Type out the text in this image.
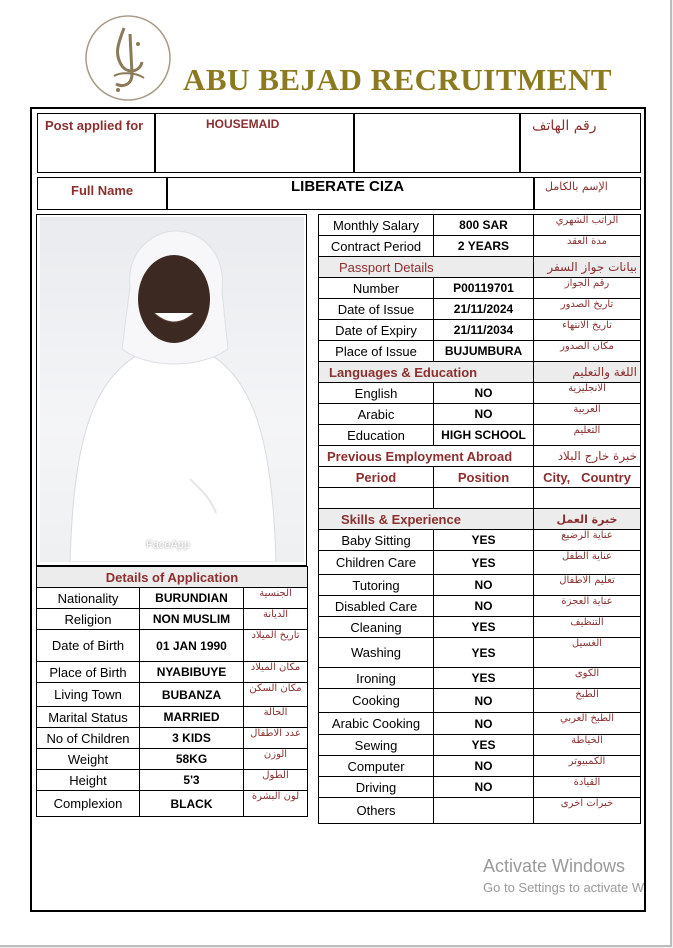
ABU BEJAD RECRUITMENT
Post applied for	HOUSEMAID	رقم الهاتف
Full Name	LIBERATE CIZA	الإسم بالكامل
FaceApp
Monthly Salary	800 SAR	الراتب الشهري
Contract Period	2 YEARS	مدة العقد
Passport Details		بيانات جواز السفر
Number	P00119701	رقم الجواز
Date of Issue	21/11/2024	تاريخ الصدور
Date of Expiry	21/11/2034	تاريخ الانتهاء
Place of Issue	BUJUMBURA	مكان الصدور
Languages & Education		اللغة والتعليم
English	NO	الانجليزية
Arabic	NO	العربية
Education	HIGH SCHOOL	التعليم
Previous Employment Abroad		خبرة خارج البلاد
Period	Position	City,   Country

Skills & Experience		خبرة العمل
Baby Sitting	YES	عناية الرضيع
Children Care	YES	عناية الطفل
Tutoring	NO	تعليم الاطفال
Disabled Care	NO	عناية العجزة
Cleaning	YES	التنظيف
Washing	YES	الغسيل
Ironing	YES	الكوى
Cooking	NO	الطبخ
Arabic Cooking	NO	الطبخ العربي
Sewing	YES	الخياطة
Computer	NO	الكمبيوتر
Driving	NO	القيادة
Others		خبرات اخرى
Details of Application		
Nationality	BURUNDIAN	الجنسية
Religion	NON MUSLIM	الديانة
Date of Birth	01 JAN 1990	تاريخ الميلاد
Place of Birth	NYABIBUYE	مكان الميلاد
Living Town	BUBANZA	مكان السكن
Marital Status	MARRIED	الحالة
No of Children	3 KIDS	عدد الاطفال
Weight	58KG	الوزن
Height	5'3	الطول
Complexion	BLACK	لون البشرة
Activate Windows
Go to Settings to activate W
